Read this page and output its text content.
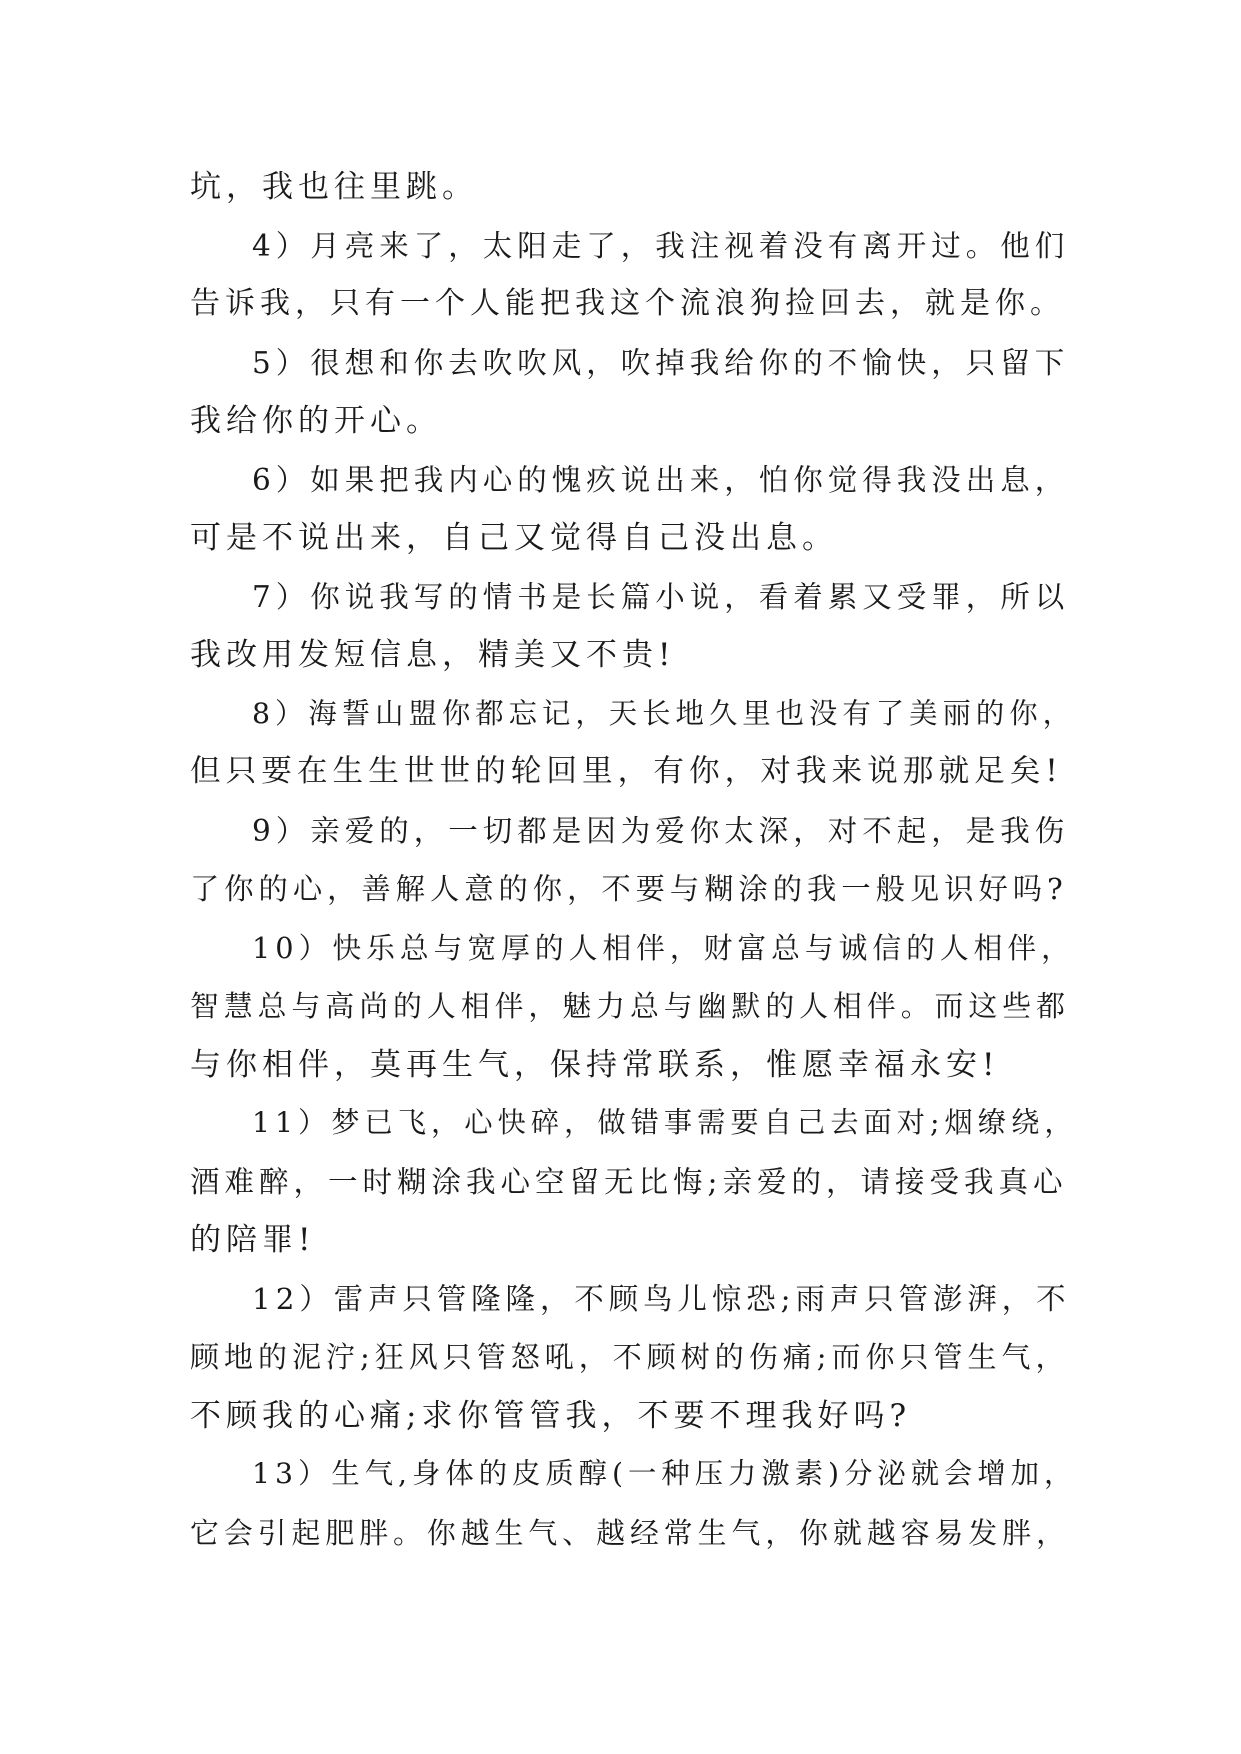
坑，我也往里跳。
4）月亮来了，太阳走了，我注视着没有离开过。他们
告诉我，只有一个人能把我这个流浪狗捡回去，就是你。
5）很想和你去吹吹风，吹掉我给你的不愉快，只留下
我给你的开心。
6）如果把我内心的愧疚说出来，怕你觉得我没出息，
可是不说出来，自己又觉得自己没出息。
7）你说我写的情书是长篇小说，看着累又受罪，所以
我改用发短信息，精美又不贵!
8）海誓山盟你都忘记，天长地久里也没有了美丽的你，
但只要在生生世世的轮回里，有你，对我来说那就足矣!
9）亲爱的，一切都是因为爱你太深，对不起，是我伤
了你的心，善解人意的你，不要与糊涂的我一般见识好吗?
10）快乐总与宽厚的人相伴，财富总与诚信的人相伴，
智慧总与高尚的人相伴，魅力总与幽默的人相伴。而这些都
与你相伴，莫再生气，保持常联系，惟愿幸福永安!
11）梦已飞，心快碎，做错事需要自己去面对;烟缭绕，
酒难醉，一时糊涂我心空留无比悔;亲爱的，请接受我真心
的陪罪!
12）雷声只管隆隆，不顾鸟儿惊恐;雨声只管澎湃，不
顾地的泥泞;狂风只管怒吼，不顾树的伤痛;而你只管生气，
不顾我的心痛;求你管管我，不要不理我好吗?
13）生气,身体的皮质醇(一种压力激素)分泌就会增加，
它会引起肥胖。你越生气、越经常生气，你就越容易发胖，
